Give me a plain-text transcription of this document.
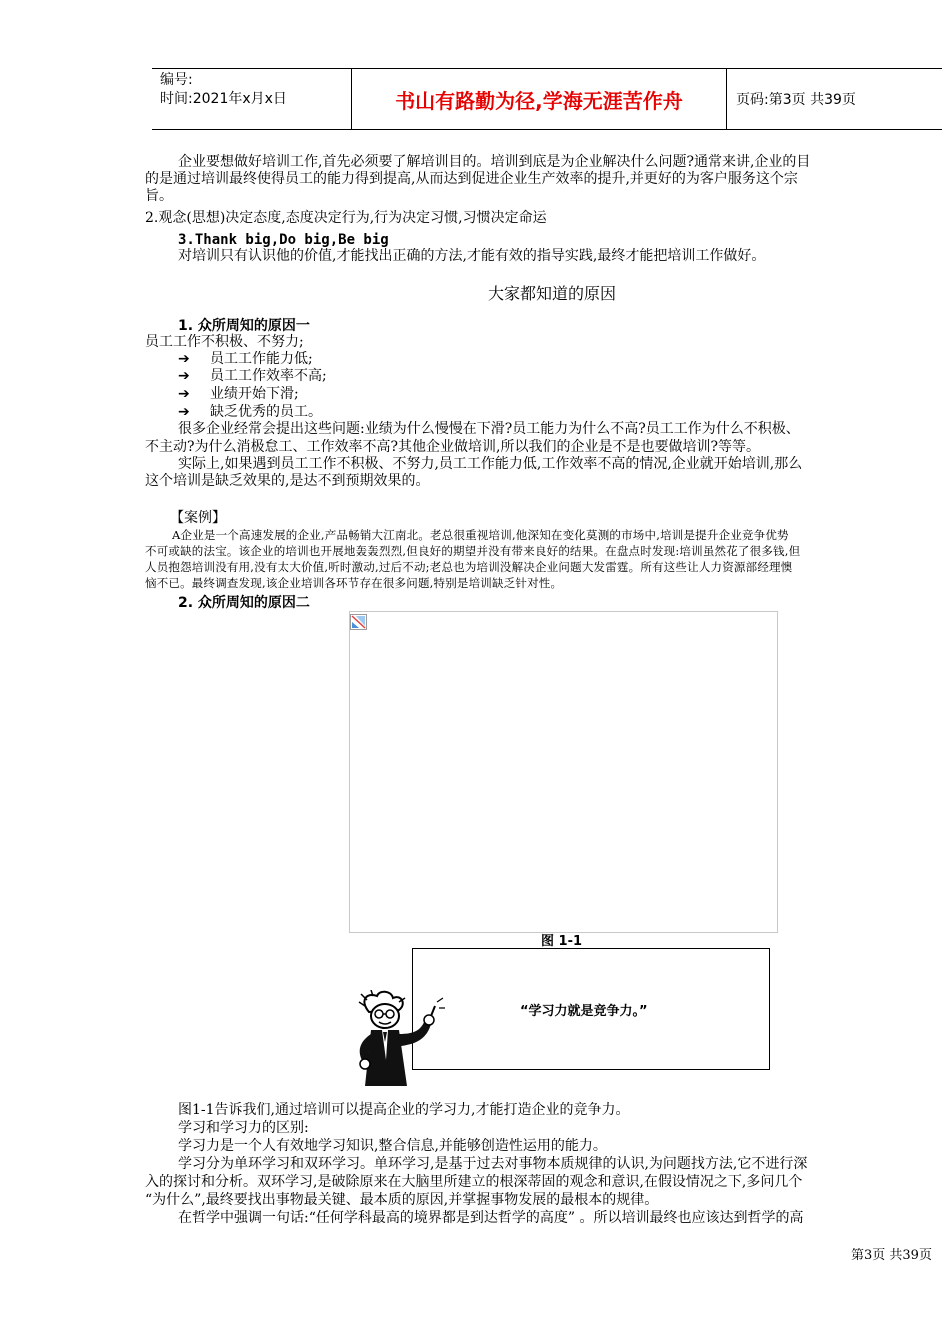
编号:
时间:2021年x月x日	书山有路勤为径,学海无涯苦作舟	页码:第3页 共39页
企业要想做好培训工作,首先必须要了解培训目的。培训到底是为企业解决什么问题?通常来讲,企业的目
的是通过培训最终使得员工的能力得到提高,从而达到促进企业生产效率的提升,并更好的为客户服务这个宗
旨。
2.观念(思想)决定态度,态度决定行为,行为决定习惯,习惯决定命运
3.Thank big,Do big,Be big
对培训只有认识他的价值,才能找出正确的方法,才能有效的指导实践,最终才能把培训工作做好。
大家都知道的原因
1. 众所周知的原因一
员工工作不积极、不努力;
➔ 员工工作能力低;
➔ 员工工作效率不高;
➔ 业绩开始下滑;
➔ 缺乏优秀的员工。
很多企业经常会提出这些问题:业绩为什么慢慢在下滑?员工能力为什么不高?员工工作为什么不积极、
不主动?为什么消极怠工、工作效率不高?其他企业做培训,所以我们的企业是不是也要做培训?等等。
实际上,如果遇到员工工作不积极、不努力,员工工作能力低,工作效率不高的情况,企业就开始培训,那么
这个培训是缺乏效果的,是达不到预期效果的。
【案例】
A企业是一个高速发展的企业,产品畅销大江南北。老总很重视培训,他深知在变化莫测的市场中,培训是提升企业竞争优势
不可或缺的法宝。该企业的培训也开展地轰轰烈烈,但良好的期望并没有带来良好的结果。在盘点时发现:培训虽然花了很多钱,但
人员抱怨培训没有用,没有太大价值,听时激动,过后不动;老总也为培训没解决企业问题大发雷霆。所有这些让人力资源部经理懊
恼不已。最终调查发现,该企业培训各环节存在很多问题,特别是培训缺乏针对性。
2. 众所周知的原因二
图 1-1
“学习力就是竞争力。”
图1-1告诉我们,通过培训可以提高企业的学习力,才能打造企业的竞争力。
学习和学习力的区别:
学习力是一个人有效地学习知识,整合信息,并能够创造性运用的能力。
学习分为单环学习和双环学习。单环学习,是基于过去对事物本质规律的认识,为问题找方法,它不进行深
入的探讨和分析。双环学习,是破除原来在大脑里所建立的根深蒂固的观念和意识,在假设情况之下,多问几个
“为什么”,最终要找出事物最关键、最本质的原因,并掌握事物发展的最根本的规律。
在哲学中强调一句话:“任何学科最高的境界都是到达哲学的高度” 。所以培训最终也应该达到哲学的高
第3页 共39页
